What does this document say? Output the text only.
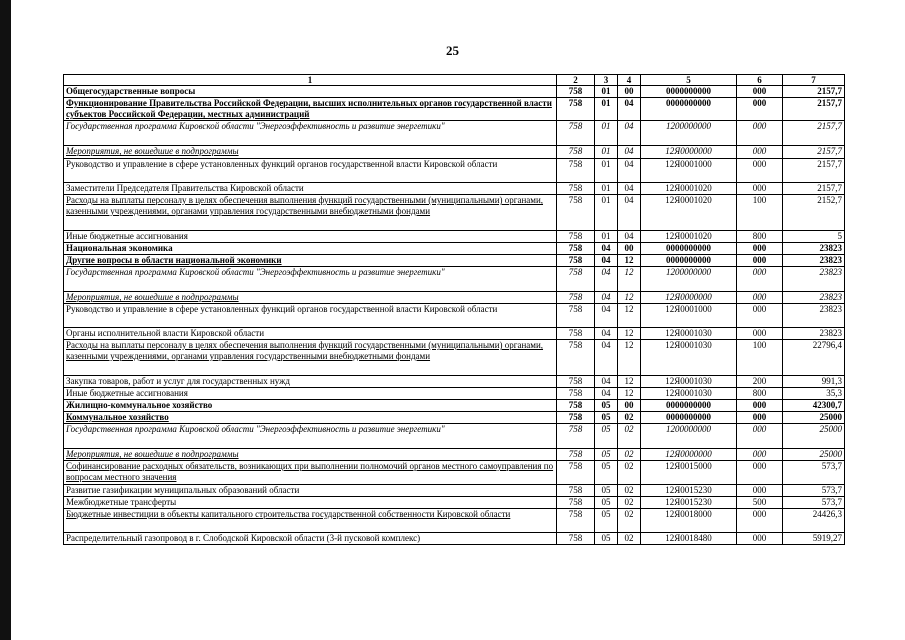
25
1	2	3	4	5	6	7
Общегосударственные вопросы	758	01	00	0000000000	000	2157,7
Функционирование Правительства Российской Федерации, высших исполнительных органов государственной власти субъектов Российской Федерации, местных администраций	758	01	04	0000000000	000	2157,7
Государственная программа Кировской области "Энергоэффективность и развитие энергетики"	758	01	04	1200000000	000	2157,7
Мероприятия, не вошедшие в подпрограммы	758	01	04	12Я0000000	000	2157,7
Руководство и управление в сфере установленных функций органов государственной власти Кировской области	758	01	04	12Я0001000	000	2157,7
Заместители Председателя Правительства Кировской области	758	01	04	12Я0001020	000	2157,7
Расходы на выплаты персоналу в целях обеспечения выполнения функций государственными (муниципальными) органами, казенными учреждениями, органами управления государственными внебюджетными фондами	758	01	04	12Я0001020	100	2152,7
Иные бюджетные ассигнования	758	01	04	12Я0001020	800	5
Национальная экономика	758	04	00	0000000000	000	23823
Другие вопросы в области национальной экономики	758	04	12	0000000000	000	23823
Государственная программа Кировской области "Энергоэффективность и развитие энергетики"	758	04	12	1200000000	000	23823
Мероприятия, не вошедшие в подпрограммы	758	04	12	12Я0000000	000	23823
Руководство и управление в сфере установленных функций органов государственной власти Кировской области	758	04	12	12Я0001000	000	23823
Органы исполнительной власти Кировской области	758	04	12	12Я0001030	000	23823
Расходы на выплаты персоналу в целях обеспечения выполнения функций государственными (муниципальными) органами, казенными учреждениями, органами управления государственными внебюджетными фондами	758	04	12	12Я0001030	100	22796,4
Закупка товаров, работ и услуг для государственных нужд	758	04	12	12Я0001030	200	991,3
Иные бюджетные ассигнования	758	04	12	12Я0001030	800	35,3
Жилищно-коммунальное хозяйство	758	05	00	0000000000	000	42300,7
Коммунальное хозяйство	758	05	02	0000000000	000	25000
Государственная программа Кировской области "Энергоэффективность и развитие энергетики"	758	05	02	1200000000	000	25000
Мероприятия, не вошедшие в подпрограммы	758	05	02	12Я0000000	000	25000
Софинансирование расходных обязательств, возникающих при выполнении полномочий органов местного самоуправления по вопросам местного значения	758	05	02	12Я0015000	000	573,7
Развитие газификации муниципальных образований области	758	05	02	12Я0015230	000	573,7
Межбюджетные трансферты	758	05	02	12Я0015230	500	573,7
Бюджетные инвестиции в объекты капитального строительства государственной собственности Кировской области	758	05	02	12Я0018000	000	24426,3
Распределительный газопровод в г. Слободской Кировской области (3-й пусковой комплекс)	758	05	02	12Я0018480	000	5919,27
